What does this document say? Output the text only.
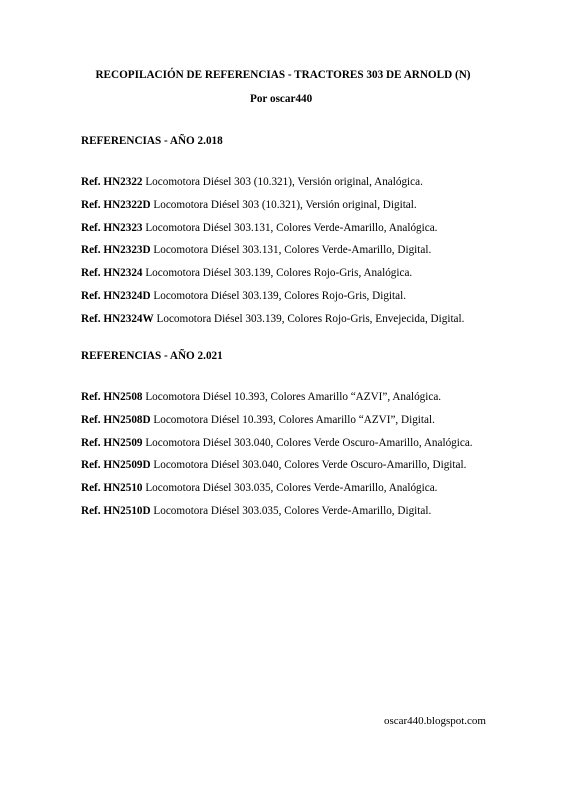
RECOPILACIÓN DE REFERENCIAS - TRACTORES 303 DE ARNOLD (N)
Por oscar440
REFERENCIAS - AÑO 2.018
Ref. HN2322 Locomotora Diésel 303 (10.321), Versión original, Analógica.
Ref. HN2322D Locomotora Diésel 303 (10.321), Versión original, Digital.
Ref. HN2323 Locomotora Diésel 303.131, Colores Verde-Amarillo, Analógica.
Ref. HN2323D Locomotora Diésel 303.131, Colores Verde-Amarillo, Digital.
Ref. HN2324 Locomotora Diésel 303.139, Colores Rojo-Gris, Analógica.
Ref. HN2324D Locomotora Diésel 303.139, Colores Rojo-Gris, Digital.
Ref. HN2324W Locomotora Diésel 303.139, Colores Rojo-Gris, Envejecida, Digital.
REFERENCIAS - AÑO 2.021
Ref. HN2508 Locomotora Diésel 10.393, Colores Amarillo “AZVI”, Analógica.
Ref. HN2508D Locomotora Diésel 10.393, Colores Amarillo “AZVI”, Digital.
Ref. HN2509 Locomotora Diésel 303.040, Colores Verde Oscuro-Amarillo, Analógica.
Ref. HN2509D Locomotora Diésel 303.040, Colores Verde Oscuro-Amarillo, Digital.
Ref. HN2510 Locomotora Diésel 303.035, Colores Verde-Amarillo, Analógica.
Ref. HN2510D Locomotora Diésel 303.035, Colores Verde-Amarillo, Digital.
oscar440.blogspot.com
